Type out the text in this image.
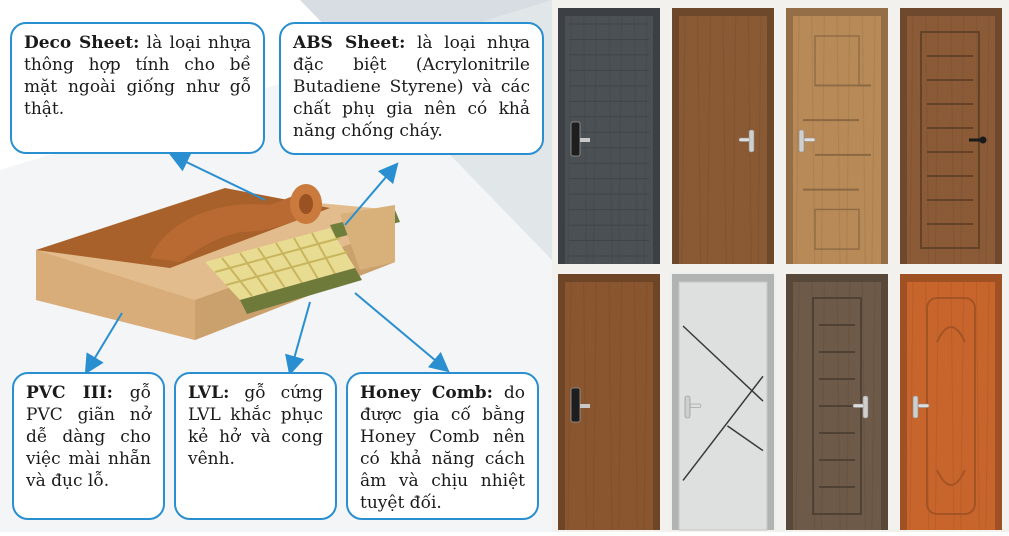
Deco Sheet: là loại nhựa thông hợp tính cho bề mặt ngoài giống như gỗ thật.
ABS Sheet: là loại nhựa đặc biệt (Acrylonitrile Butadiene Styrene) và các chất phụ gia nên có khả năng chống cháy.
PVC III: gỗ PVC giãn nở dễ dàng cho việc mài nhẵn và đục lỗ.
LVL: gỗ cứng LVL khắc phục kẻ hở và cong vênh.
Honey Comb: do được gia cố bằng Honey Comb nên có khả năng cách âm và chịu nhiệt tuyệt đối.
